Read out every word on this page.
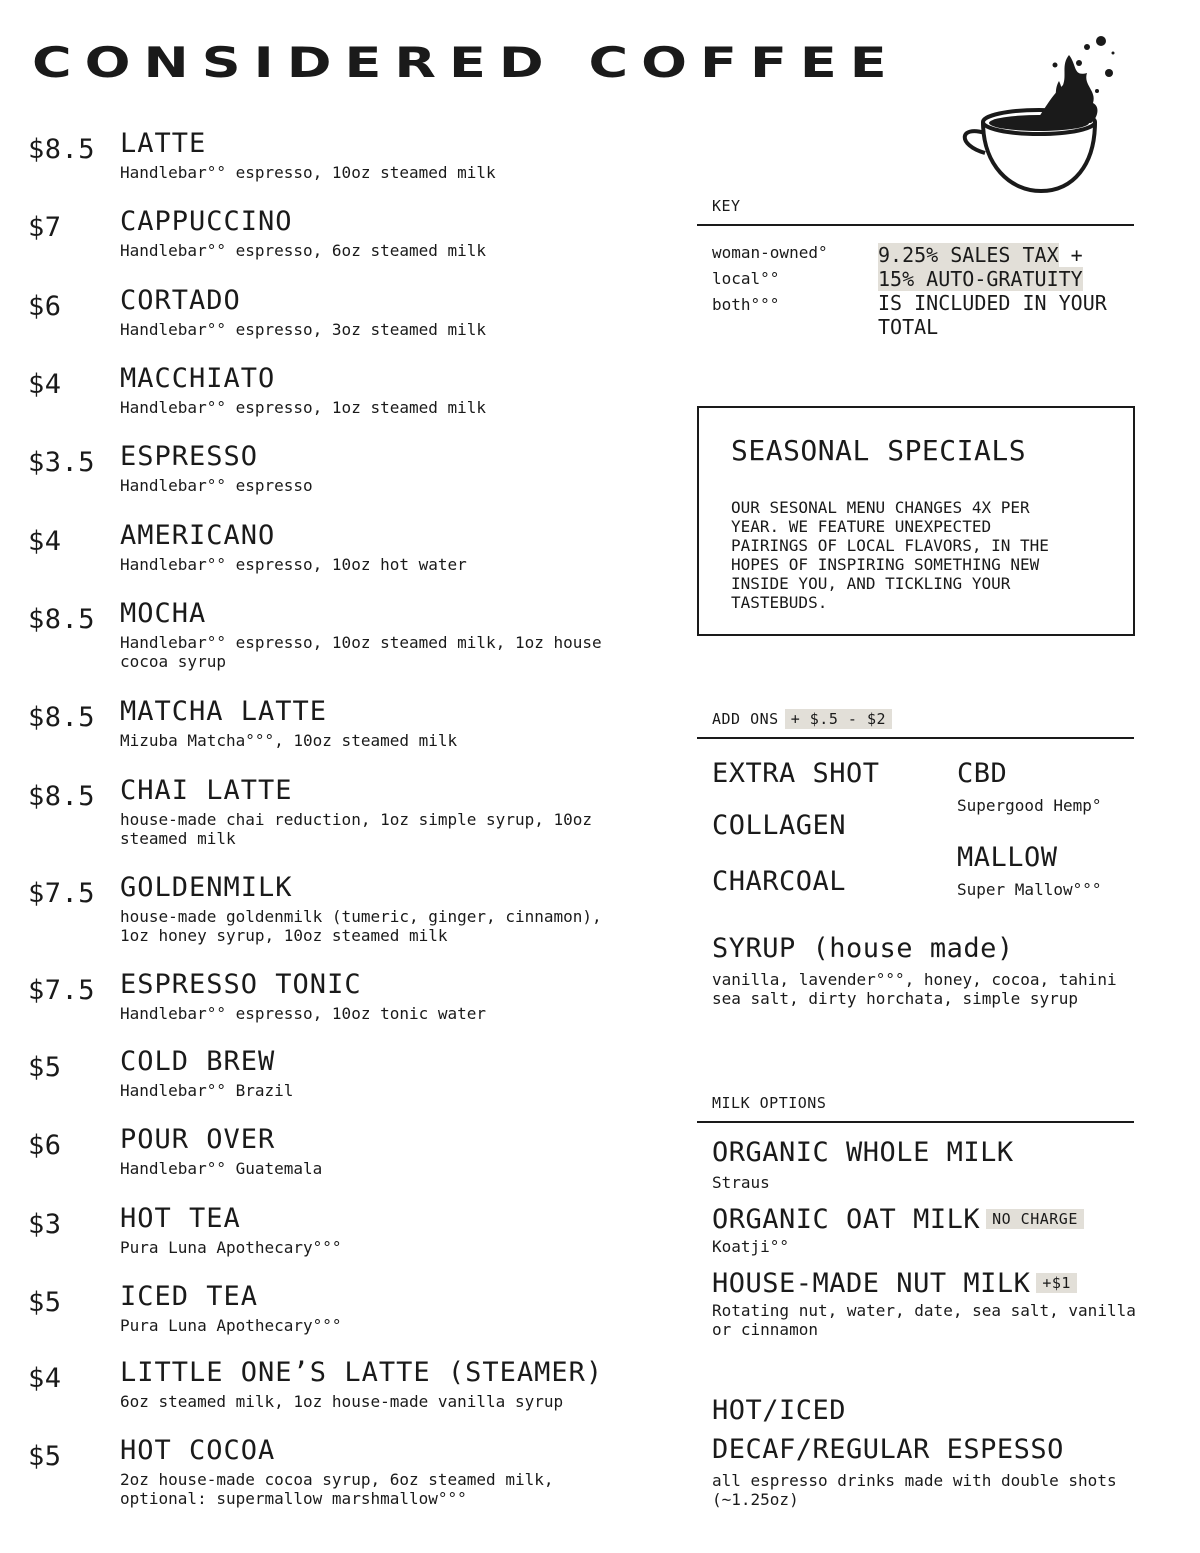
CONSIDERED COFFEE
$8.5 LATTE
Handlebar°° espresso, 10oz steamed milk
$7 CAPPUCCINO
Handlebar°° espresso, 6oz steamed milk
$6 CORTADO
Handlebar°° espresso, 3oz steamed milk
$4 MACCHIATO
Handlebar°° espresso, 1oz steamed milk
$3.5 ESPRESSO
Handlebar°° espresso
$4 AMERICANO
Handlebar°° espresso, 10oz hot water
$8.5 MOCHA
Handlebar°° espresso, 10oz steamed milk, 1oz house cocoa syrup
$8.5 MATCHA LATTE
Mizuba Matcha°°°, 10oz steamed milk
$8.5 CHAI LATTE
house-made chai reduction, 1oz simple syrup, 10oz steamed milk
$7.5 GOLDENMILK
house-made goldenmilk (tumeric, ginger, cinnamon), 1oz honey syrup, 10oz steamed milk
$7.5 ESPRESSO TONIC
Handlebar°° espresso, 10oz tonic water
$5 COLD BREW
Handlebar°° Brazil
$6 POUR OVER
Handlebar°° Guatemala
$3 HOT TEA
Pura Luna Apothecary°°°
$5 ICED TEA
Pura Luna Apothecary°°°
$4 LITTLE ONE’S LATTE (STEAMER)
6oz steamed milk, 1oz house-made vanilla syrup
$5 HOT COCOA
2oz house-made cocoa syrup, 6oz steamed milk, optional: supermallow marshmallow°°°
KEY
woman-owned°
local°°
both°°°
9.25% SALES TAX +
15% AUTO-GRATUITY
IS INCLUDED IN YOUR
TOTAL
SEASONAL SPECIALS
OUR SESONAL MENU CHANGES 4X PER YEAR. WE FEATURE UNEXPECTED PAIRINGS OF LOCAL FLAVORS, IN THE HOPES OF INSPIRING SOMETHING NEW INSIDE YOU, AND TICKLING YOUR TASTEBUDS.
ADD ONS + $.5 - $2
EXTRA SHOT
COLLAGEN
CHARCOAL
CBD
Supergood Hemp°
MALLOW
Super Mallow°°°
SYRUP (house made)
vanilla, lavender°°°, honey, cocoa, tahini sea salt, dirty horchata, simple syrup
MILK OPTIONS
ORGANIC WHOLE MILK
Straus
ORGANIC OAT MILK NO CHARGE
Koatji°°
HOUSE-MADE NUT MILK +$1
Rotating nut, water, date, sea salt, vanilla or cinnamon
HOT/ICED
DECAF/REGULAR ESPESSO
all espresso drinks made with double shots (~1.25oz)
